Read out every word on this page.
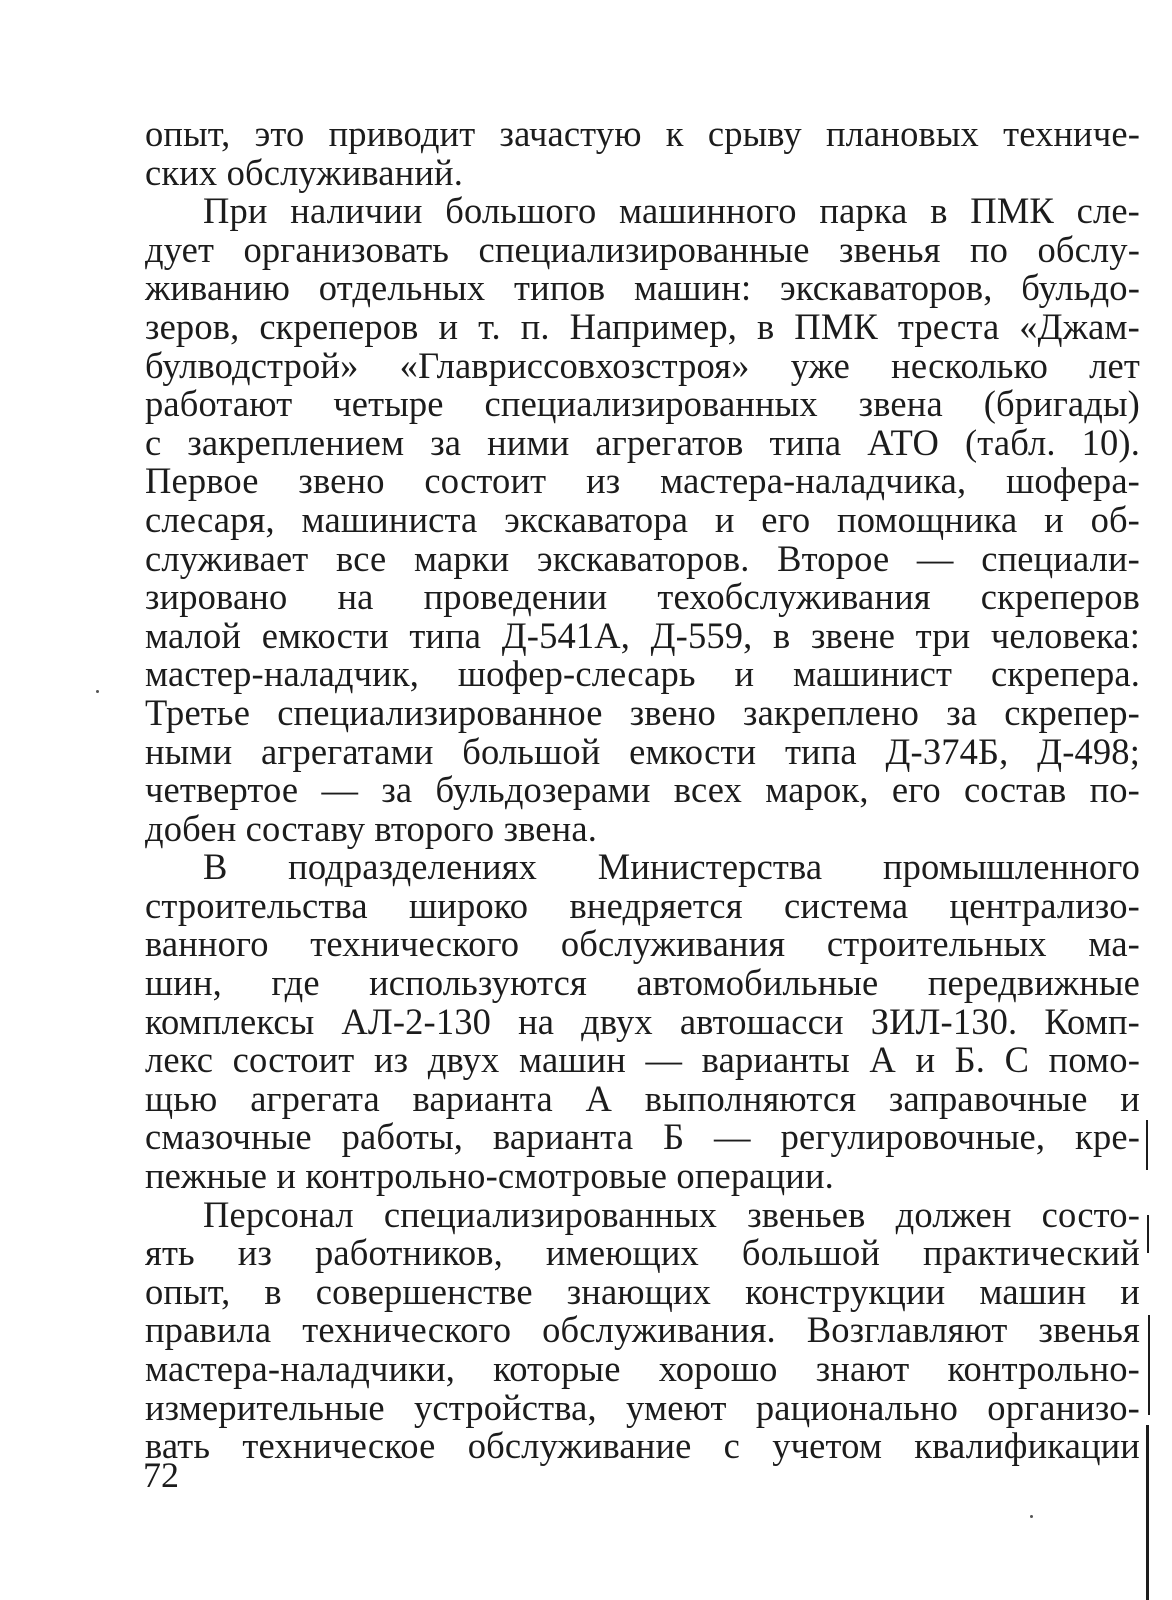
опыт, это приводит зачастую к срыву плановых техниче-
ских обслуживаний.
При наличии большого машинного парка в ПМК сле-
дует организовать специализированные звенья по обслу-
живанию отдельных типов машин: экскаваторов, бульдо-
зеров, скреперов и т. п. Например, в ПМК треста «Джам-
булводстрой» «Главриссовхозстроя» уже несколько лет
работают четыре специализированных звена (бригады)
с закреплением за ними агрегатов типа АТО (табл. 10).
Первое звено состоит из мастера-наладчика, шофера-
слесаря, машиниста экскаватора и его помощника и об-
служивает все марки экскаваторов. Второе — специали-
зировано на проведении техобслуживания скреперов
малой емкости типа Д-541А, Д-559, в звене три человека:
мастер-наладчик, шофер-слесарь и машинист скрепера.
Третье специализированное звено закреплено за скрепер-
ными агрегатами большой емкости типа Д-374Б, Д-498;
четвертое — за бульдозерами всех марок, его состав по-
добен составу второго звена.
В подразделениях Министерства промышленного
строительства широко внедряется система централизо-
ванного технического обслуживания строительных ма-
шин, где используются автомобильные передвижные
комплексы АЛ-2-130 на двух автошасси ЗИЛ-130. Комп-
лекс состоит из двух машин — варианты А и Б. С помо-
щью агрегата варианта А выполняются заправочные и
смазочные работы, варианта Б — регулировочные, кре-
пежные и контрольно-смотровые операции.
Персонал специализированных звеньев должен состо-
ять из работников, имеющих большой практический
опыт, в совершенстве знающих конструкции машин и
правила технического обслуживания. Возглавляют звенья
мастера-наладчики, которые хорошо знают контрольно-
измерительные устройства, умеют рационально организо-
вать техническое обслуживание с учетом квалификации
72
